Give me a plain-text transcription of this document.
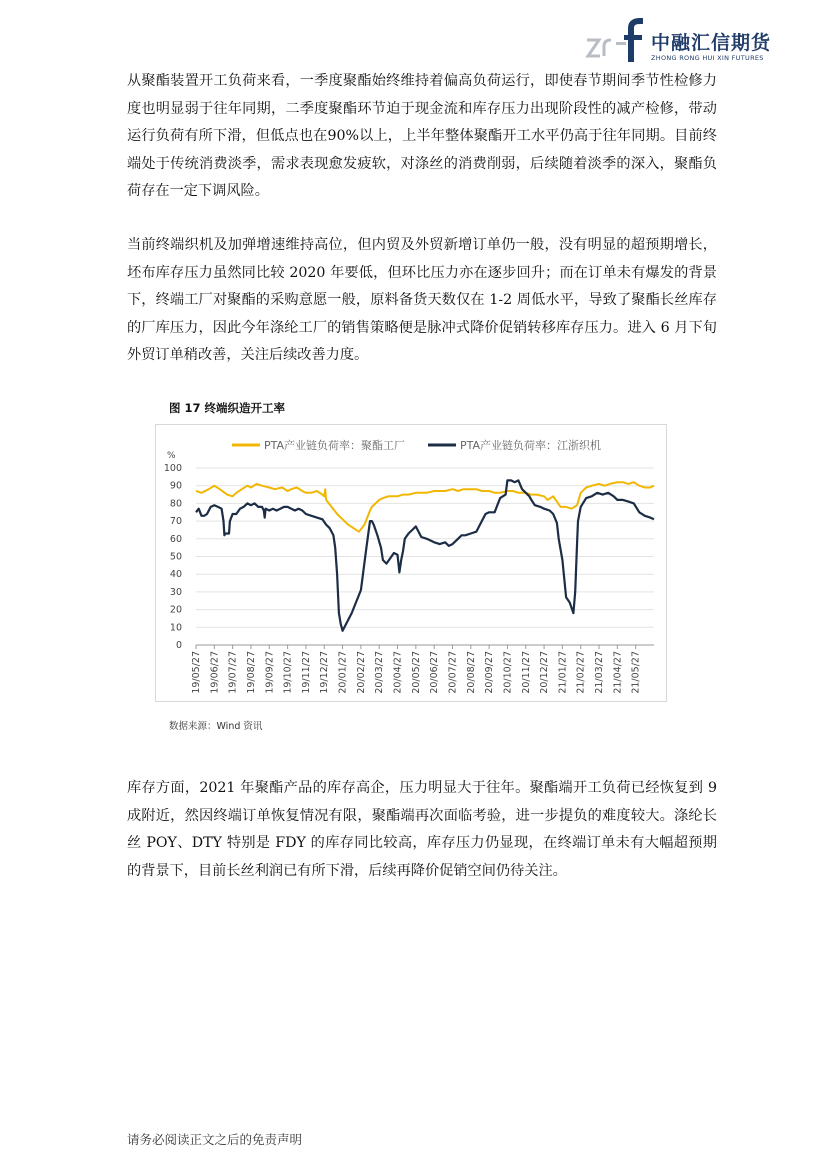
中融汇信期货
ZHONG RONG HUI XIN FUTURES

从聚酯装置开工负荷来看，一季度聚酯始终维持着偏高负荷运行，即使春节期间季节性检修力度也明显弱于往年同期，二季度聚酯环节迫于现金流和库存压力出现阶段性的减产检修，带动运行负荷有所下滑，但低点也在90%以上，上半年整体聚酯开工水平仍高于往年同期。目前终端处于传统消费淡季，需求表现愈发疲软，对涤丝的消费削弱，后续随着淡季的深入，聚酯负荷存在一定下调风险。

当前终端织机及加弹增速维持高位，但内贸及外贸新增订单仍一般，没有明显的超预期增长，坯布库存压力虽然同比较 2020 年要低，但环比压力亦在逐步回升；而在订单未有爆发的背景下，终端工厂对聚酯的采购意愿一般，原料备货天数仅在 1-2 周低水平，导致了聚酯长丝库存的厂库压力，因此今年涤纶工厂的销售策略便是脉冲式降价促销转移库存压力。进入 6 月下旬外贸订单稍改善，关注后续改善力度。

图 17 终端织造开工率
PTA产业链负荷率：聚酯工厂	PTA产业链负荷率：江浙织机
%
0
10
20
30
40
50
60
70
80
90
100
19/05/27 19/06/27 19/07/27 19/08/27 19/09/27 19/10/27 19/11/27 19/12/27 20/01/27 20/02/27 20/03/27 20/04/27 20/05/27 20/06/27 20/07/27 20/08/27 20/09/27 20/10/27 20/11/27 20/12/27 21/01/27 21/02/27 21/03/27 21/04/27 21/05/27
数据来源：Wind 资讯

库存方面，2021 年聚酯产品的库存高企，压力明显大于往年。聚酯端开工负荷已经恢复到 9 成附近，然因终端订单恢复情况有限，聚酯端再次面临考验，进一步提负的难度较大。涤纶长丝 POY、DTY 特别是 FDY 的库存同比较高，库存压力仍显现，在终端订单未有大幅超预期的背景下，目前长丝利润已有所下滑，后续再降价促销空间仍待关注。

请务必阅读正文之后的免责声明
